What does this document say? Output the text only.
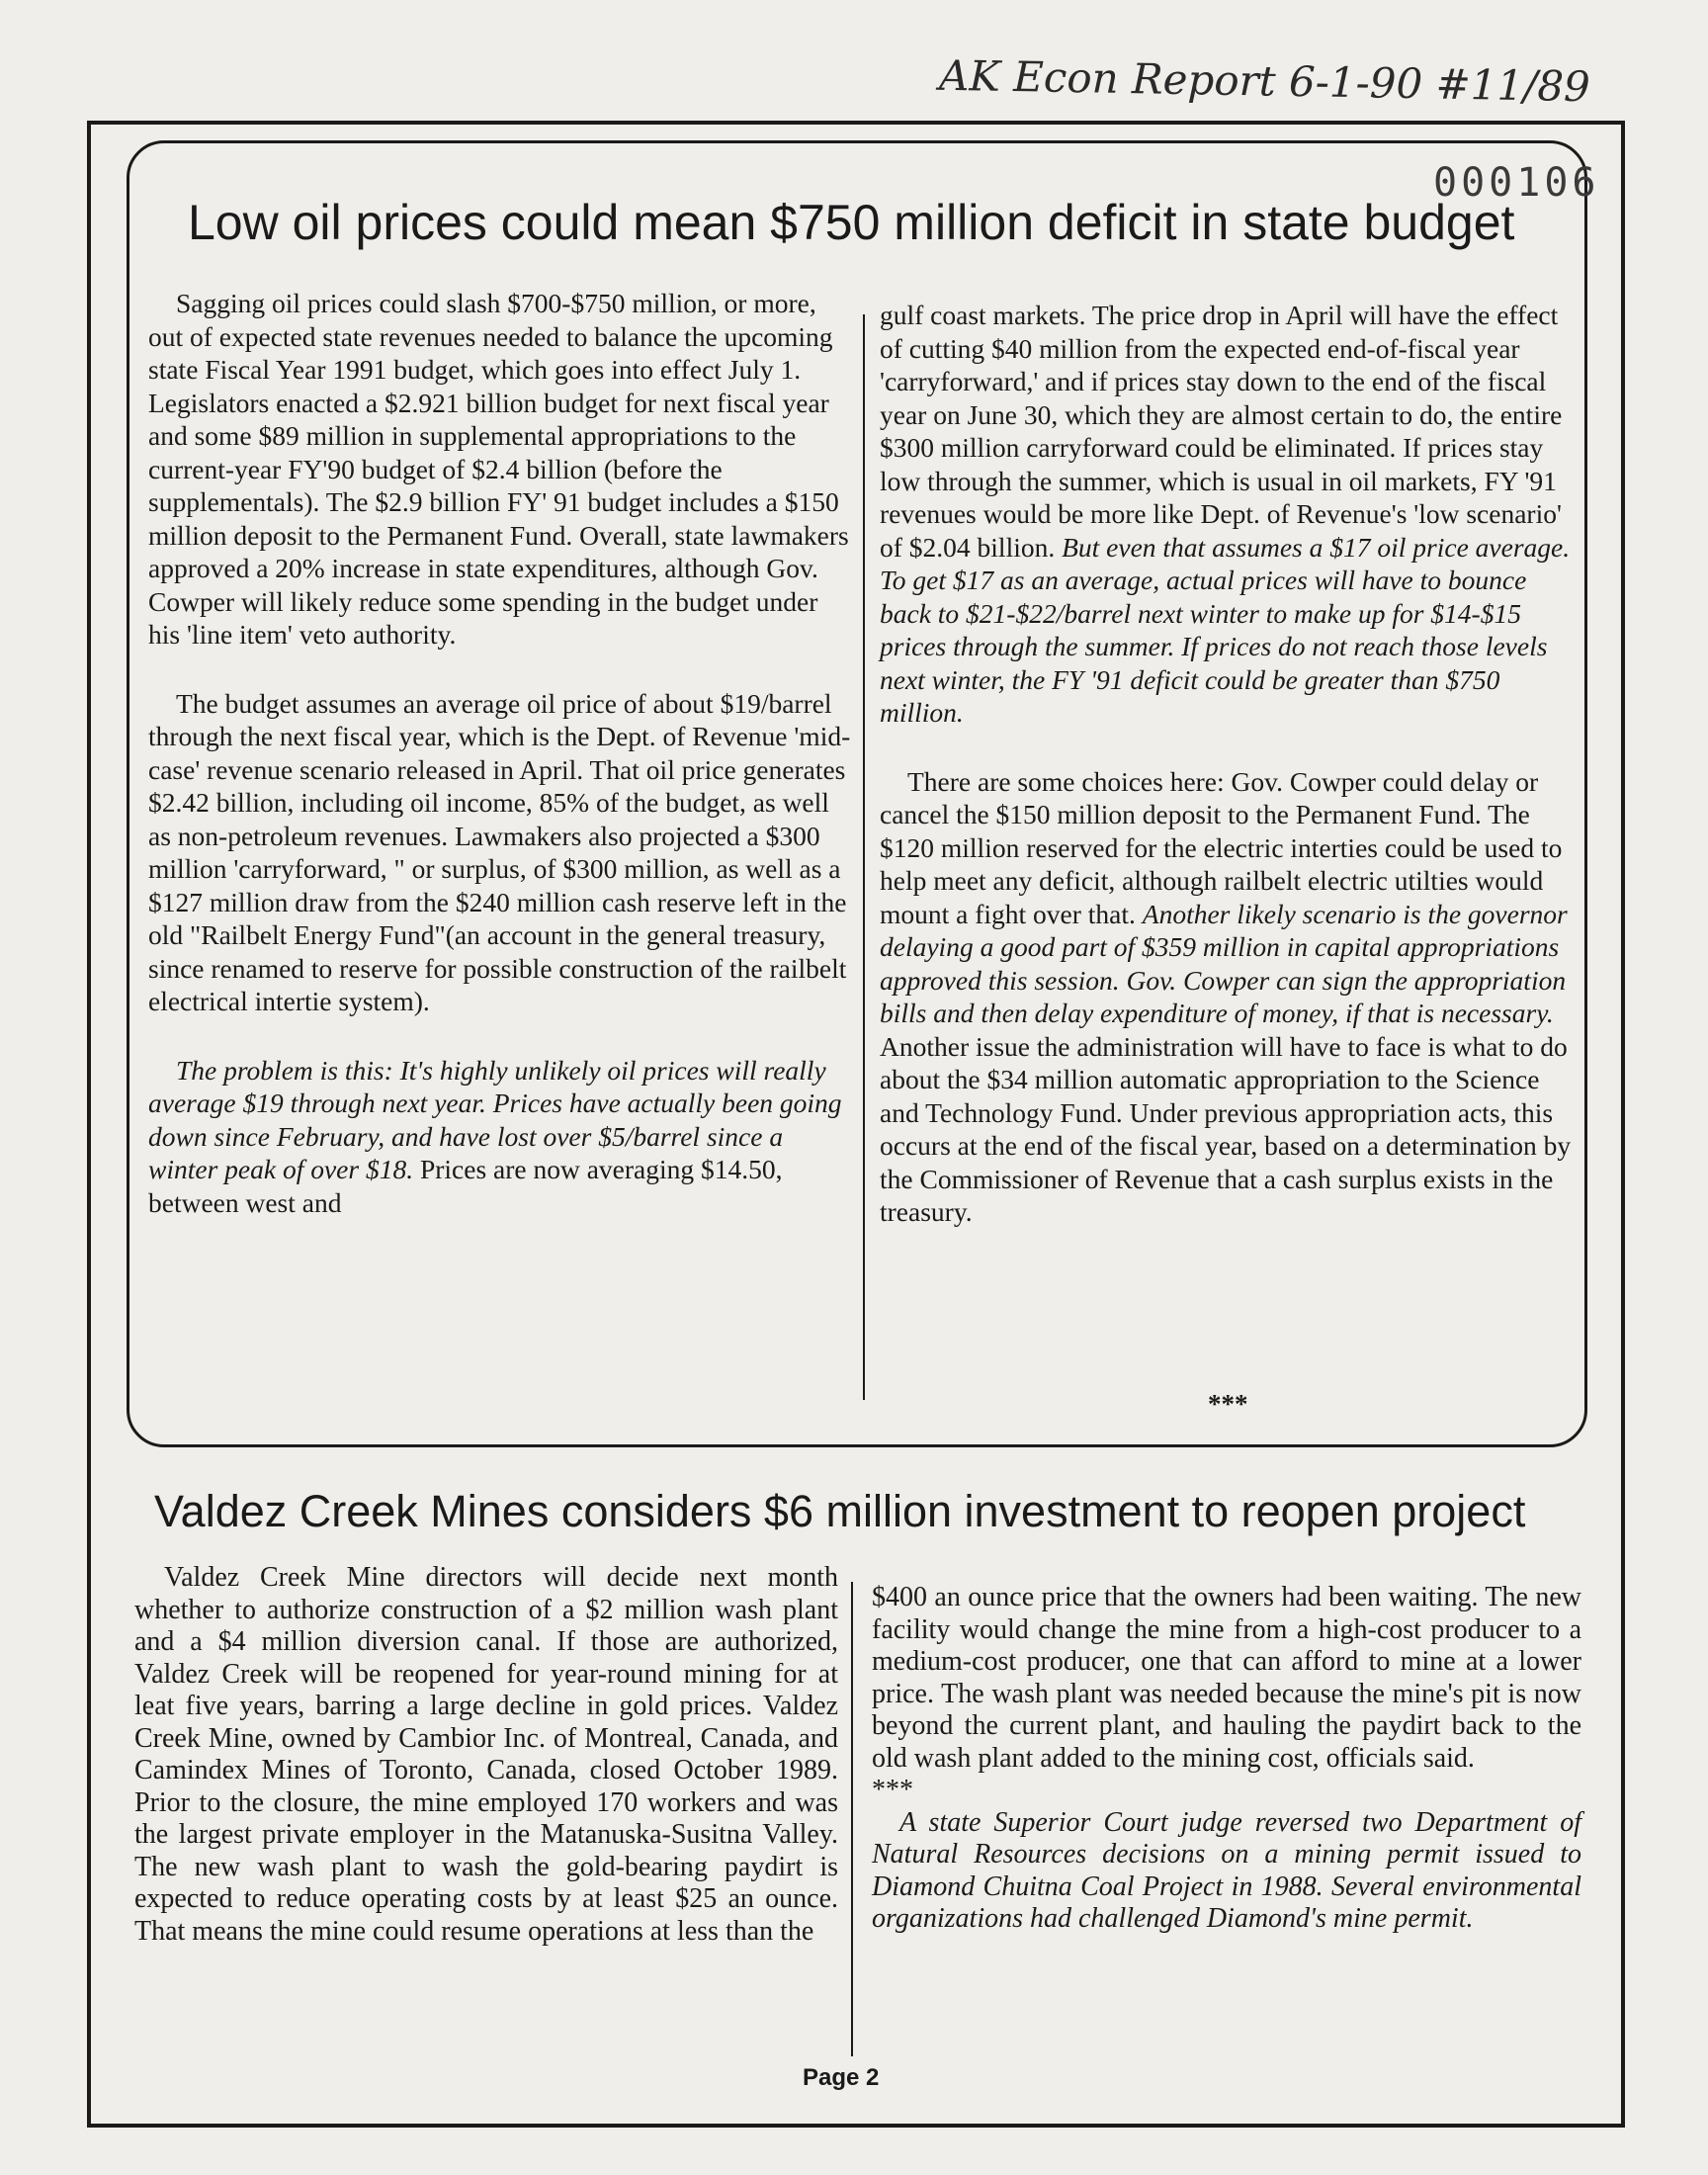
AK Econ Report 6-1-90 #11/89
000106
Low oil prices could mean $750 million deficit in state budget

Sagging oil prices could slash $700-$750 million, or more, out of expected state revenues needed to balance the upcoming state Fiscal Year 1991 budget, which goes into effect July 1. Legislators enacted a $2.921 billion budget for next fiscal year and some $89 million in supplemental appropriations to the current-year FY'90 budget of $2.4 billion (before the supplementals). The $2.9 billion FY' 91 budget includes a $150 million deposit to the Permanent Fund. Overall, state lawmakers approved a 20% increase in state expenditures, although Gov. Cowper will likely reduce some spending in the budget under his 'line item' veto authority.

The budget assumes an average oil price of about $19/barrel through the next fiscal year, which is the Dept. of Revenue 'mid-case' revenue scenario released in April. That oil price generates $2.42 billion, including oil income, 85% of the budget, as well as non-petroleum revenues. Lawmakers also projected a $300 million 'carryforward, " or surplus, of $300 million, as well as a $127 million draw from the $240 million cash reserve left in the old "Railbelt Energy Fund"(an account in the general treasury, since renamed to reserve for possible construction of the railbelt electrical intertie system).

The problem is this: It's highly unlikely oil prices will really average $19 through next year. Prices have actually been going down since February, and have lost over $5/barrel since a winter peak of over $18. Prices are now averaging $14.50, between west and

gulf coast markets. The price drop in April will have the effect of cutting $40 million from the expected end-of-fiscal year 'carryforward,' and if prices stay down to the end of the fiscal year on June 30, which they are almost certain to do, the entire $300 million carryforward could be eliminated. If prices stay low through the summer, which is usual in oil markets, FY '91 revenues would be more like Dept. of Revenue's 'low scenario' of $2.04 billion. But even that assumes a $17 oil price average. To get $17 as an average, actual prices will have to bounce back to $21-$22/barrel next winter to make up for $14-$15 prices through the summer. If prices do not reach those levels next winter, the FY '91 deficit could be greater than $750 million.

There are some choices here: Gov. Cowper could delay or cancel the $150 million deposit to the Permanent Fund. The $120 million reserved for the electric interties could be used to help meet any deficit, although railbelt electric utilties would mount a fight over that. Another likely scenario is the governor delaying a good part of $359 million in capital appropriations approved this session. Gov. Cowper can sign the appropriation bills and then delay expenditure of money, if that is necessary. Another issue the administration will have to face is what to do about the $34 million automatic appropriation to the Science and Technology Fund. Under previous appropriation acts, this occurs at the end of the fiscal year, based on a determination by the Commissioner of Revenue that a cash surplus exists in the treasury.

***
Valdez Creek Mines considers $6 million investment to reopen project

Valdez Creek Mine directors will decide next month whether to authorize construction of a $2 million wash plant and a $4 million diversion canal. If those are authorized, Valdez Creek will be reopened for year-round mining for at leat five years, barring a large decline in gold prices. Valdez Creek Mine, owned by Cambior Inc. of Montreal, Canada, and Camindex Mines of Toronto, Canada, closed October 1989. Prior to the closure, the mine employed 170 workers and was the largest private employer in the Matanuska-Susitna Valley. The new wash plant to wash the gold-bearing paydirt is expected to reduce operating costs by at least $25 an ounce. That means the mine could resume operations at less than the

$400 an ounce price that the owners had been waiting. The new facility would change the mine from a high-cost producer to a medium-cost producer, one that can afford to mine at a lower price. The wash plant was needed because the mine's pit is now beyond the current plant, and hauling the paydirt back to the old wash plant added to the mining cost, officials said.

***

A state Superior Court judge reversed two Department of Natural Resources decisions on a mining permit issued to Diamond Chuitna Coal Project in 1988. Several environmental organizations had challenged Diamond's mine permit.

Page 2
